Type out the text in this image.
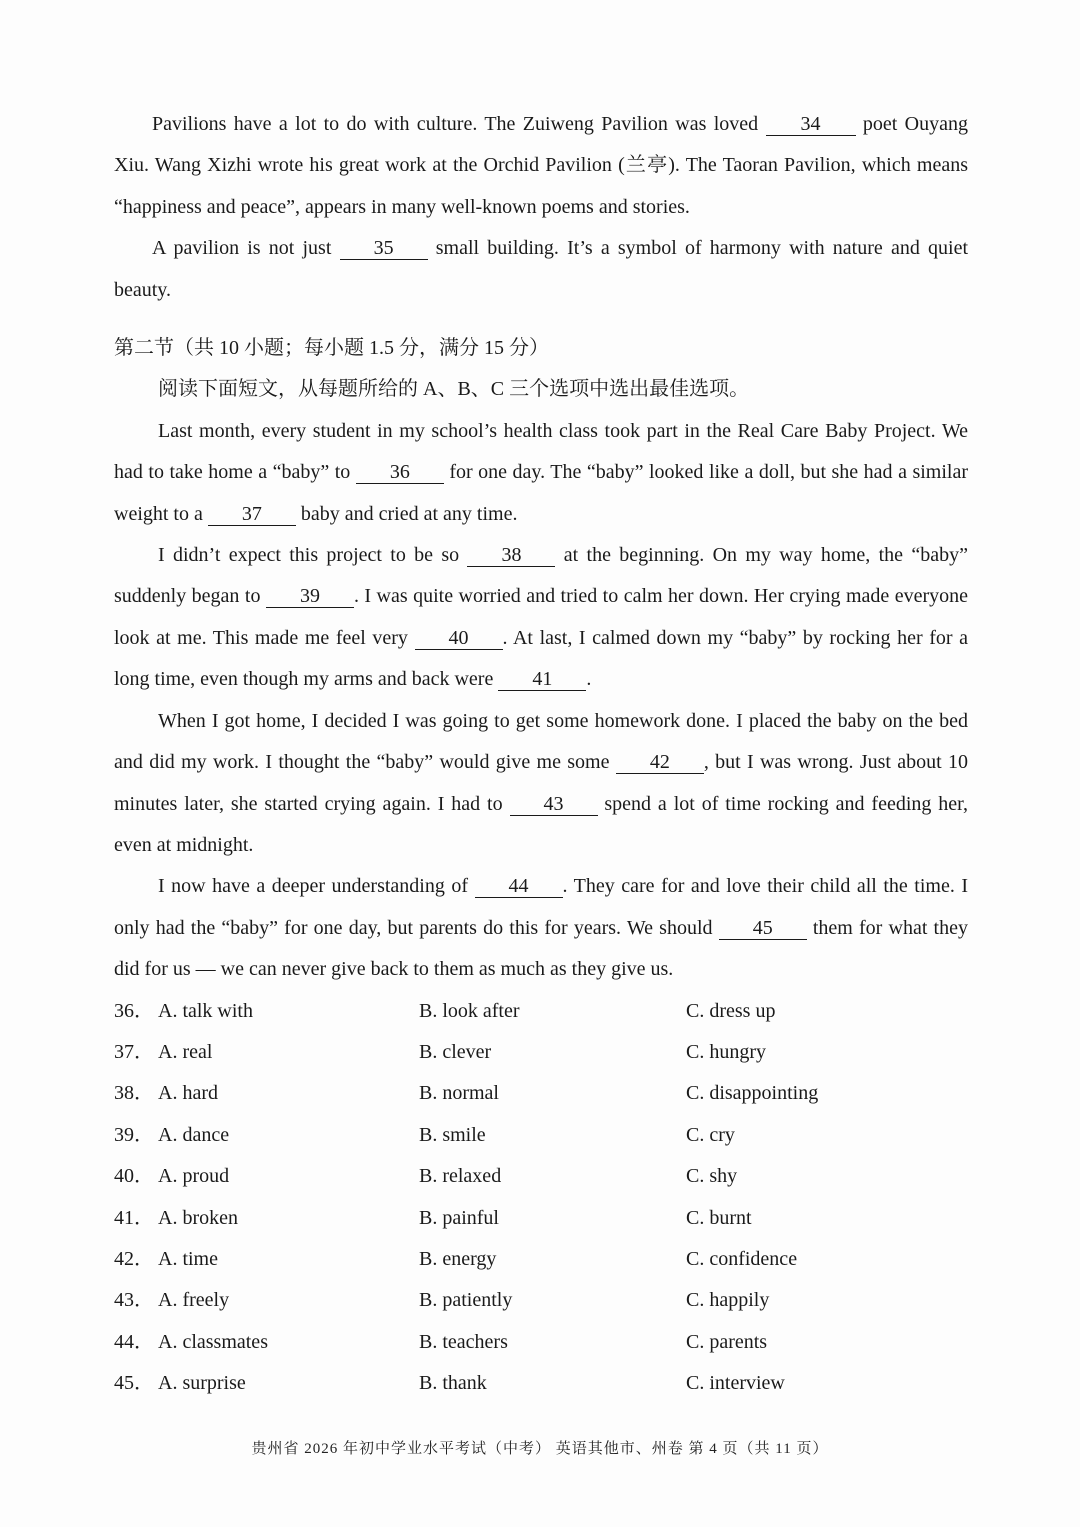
Pavilions have a lot to do with culture. The Zuiweng Pavilion was loved 34 poet Ouyang Xiu. Wang Xizhi wrote his great work at the Orchid Pavilion (兰亭). The Taoran Pavilion, which means “happiness and peace”, appears in many well-known poems and stories.

A pavilion is not just 35 small building. It’s a symbol of harmony with nature and quiet beauty.

第二节（共 10 小题；每小题 1.5 分，满分 15 分）
阅读下面短文，从每题所给的 A、B、C 三个选项中选出最佳选项。

Last month, every student in my school’s health class took part in the Real Care Baby Project. We had to take home a “baby” to 36 for one day. The “baby” looked like a doll, but she had a similar weight to a 37 baby and cried at any time.

I didn’t expect this project to be so 38 at the beginning. On my way home, the “baby” suddenly began to 39 . I was quite worried and tried to calm her down. Her crying made everyone look at me. This made me feel very 40 . At last, I calmed down my “baby” by rocking her for a long time, even though my arms and back were 41 .

When I got home, I decided I was going to get some homework done. I placed the baby on the bed and did my work. I thought the “baby” would give me some 42 , but I was wrong. Just about 10 minutes later, she started crying again. I had to 43 spend a lot of time rocking and feeding her, even at midnight.

I now have a deeper understanding of 44 . They care for and love their child all the time. I only had the “baby” for one day, but parents do this for years. We should 45 them for what they did for us — we can never give back to them as much as they give us.

36． A. talk with	B. look after	C. dress up
37． A. real	B. clever	C. hungry
38． A. hard	B. normal	C. disappointing
39． A. dance	B. smile	C. cry
40． A. proud	B. relaxed	C. shy
41． A. broken	B. painful	C. burnt
42． A. time	B. energy	C. confidence
43． A. freely	B. patiently	C. happily
44． A. classmates	B. teachers	C. parents
45． A. surprise	B. thank	C. interview
贵州省 2026 年初中学业水平考试（中考） 英语其他市、州卷 第 4 页（共 11 页）
